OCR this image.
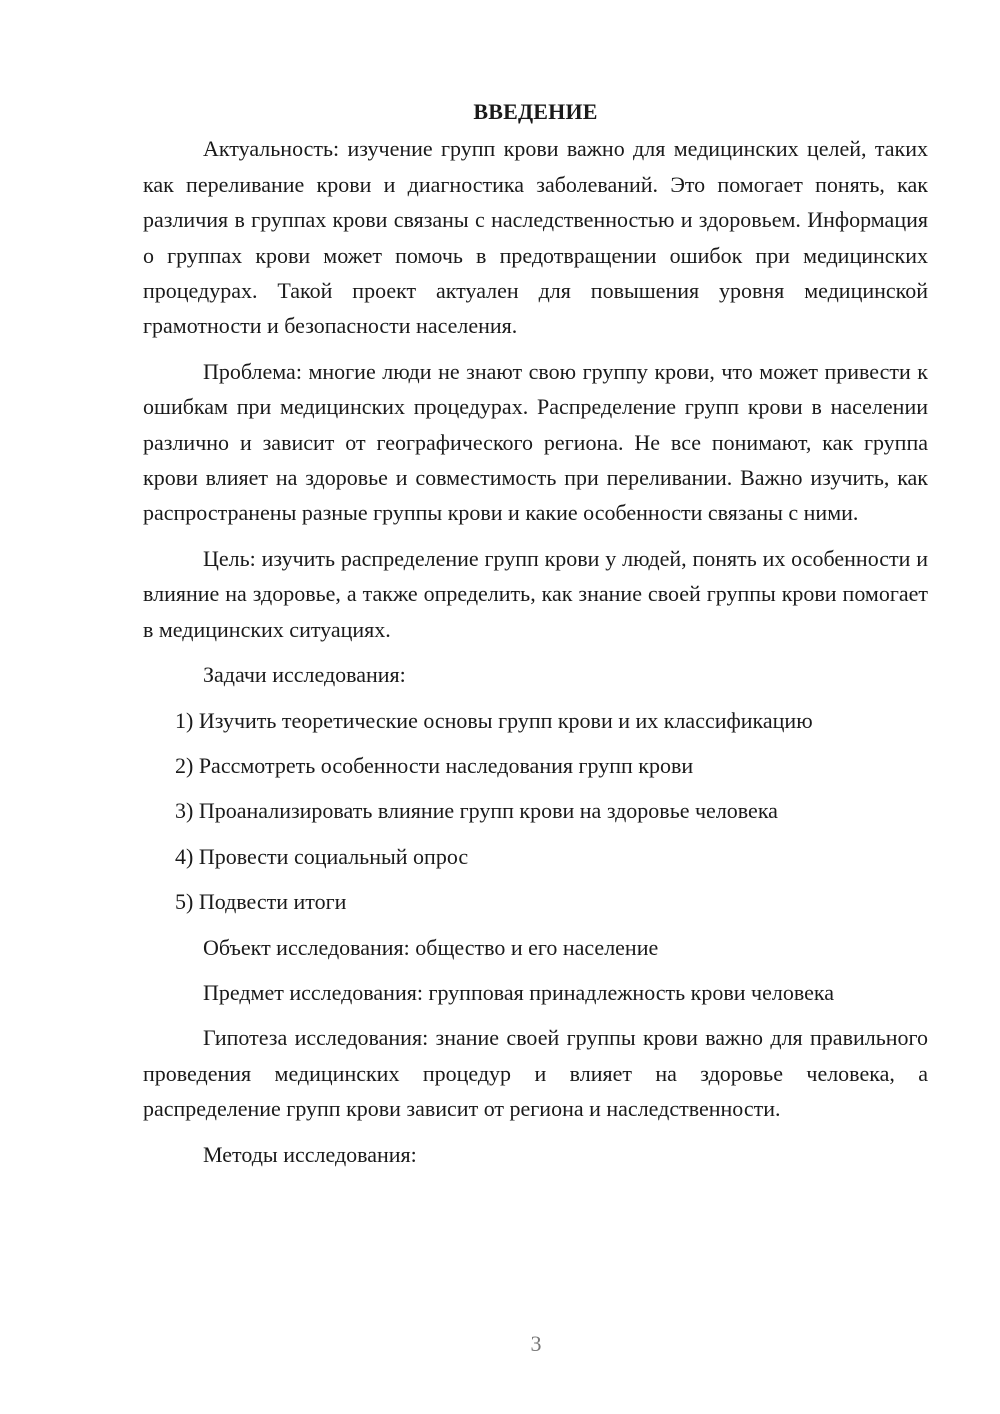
ВВЕДЕНИЕ

Актуальность: изучение групп крови важно для медицинских целей, таких как переливание крови и диагностика заболеваний. Это помогает понять, как различия в группах крови связаны с наследственностью и здоровьем. Информация о группах крови может помочь в предотвращении ошибок при медицинских процедурах. Такой проект актуален для повышения уровня медицинской грамотности и безопасности населения.

Проблема: многие люди не знают свою группу крови, что может привести к ошибкам при медицинских процедурах. Распределение групп крови в населении различно и зависит от географического региона. Не все понимают, как группа крови влияет на здоровье и совместимость при переливании. Важно изучить, как распространены разные группы крови и какие особенности связаны с ними.

Цель: изучить распределение групп крови у людей, понять их особенности и влияние на здоровье, а также определить, как знание своей группы крови помогает в медицинских ситуациях.

Задачи исследования:

1) Изучить теоретические основы групп крови и их классификацию
2) Рассмотреть особенности наследования групп крови
3) Проанализировать влияние групп крови на здоровье человека
4) Провести социальный опрос
5) Подвести итоги

Объект исследования: общество и его население

Предмет исследования: групповая принадлежность крови человека

Гипотеза исследования: знание своей группы крови важно для правильного проведения медицинских процедур и влияет на здоровье человека, а распределение групп крови зависит от региона и наследственности.

Методы исследования:

3
